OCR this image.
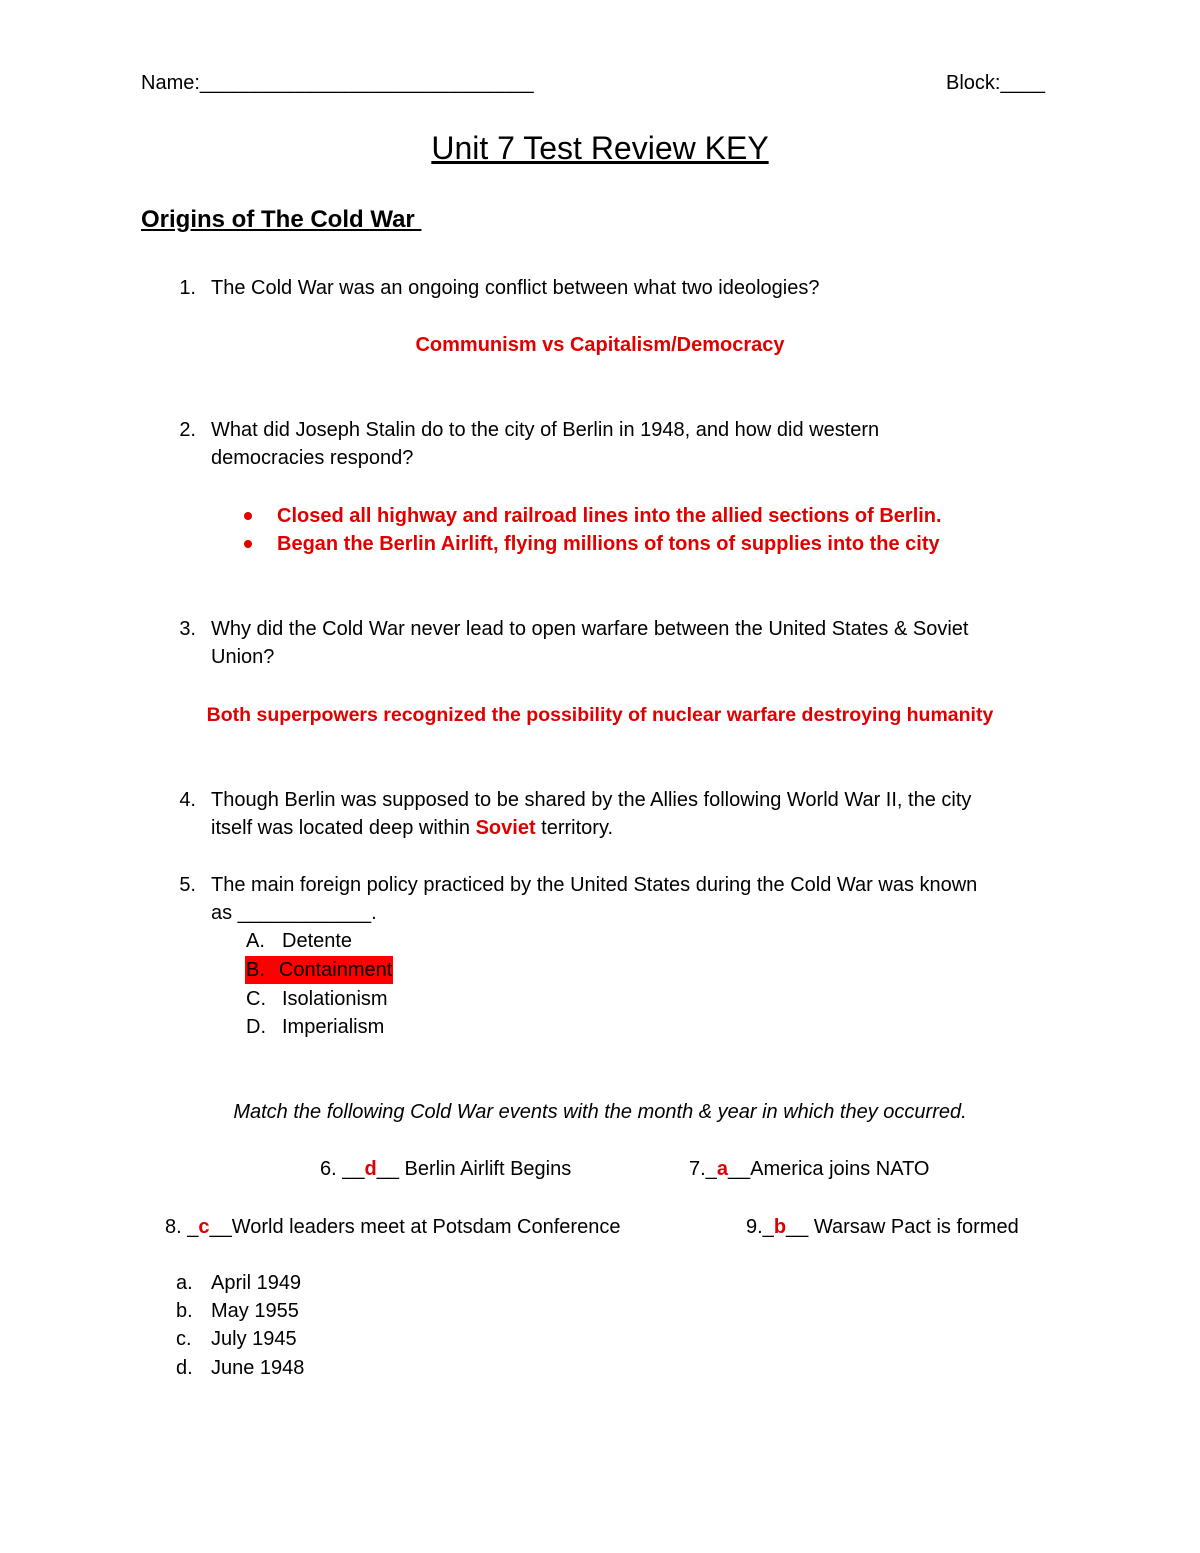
Name:______________________________	Block:____
Unit 7 Test Review KEY
Origins of The Cold War
1. The Cold War was an ongoing conflict between what two ideologies?
Communism vs Capitalism/Democracy
2. What did Joseph Stalin do to the city of Berlin in 1948, and how did western
democracies respond?
Closed all highway and railroad lines into the allied sections of Berlin.
Began the Berlin Airlift, flying millions of tons of supplies into the city
3. Why did the Cold War never lead to open warfare between the United States & Soviet
Union?
Both superpowers recognized the possibility of nuclear warfare destroying humanity
4. Though Berlin was supposed to be shared by the Allies following World War II, the city
itself was located deep within Soviet territory.
5. The main foreign policy practiced by the United States during the Cold War was known
as ____________.
A. Detente
B. Containment
C. Isolationism
D. Imperialism
Match the following Cold War events with the month & year in which they occurred.
6. __d__ Berlin Airlift Begins	7._a__America joins NATO
8. _c__World leaders meet at Potsdam Conference	9._b__ Warsaw Pact is formed
a. April 1949
b. May 1955
c. July 1945
d. June 1948
